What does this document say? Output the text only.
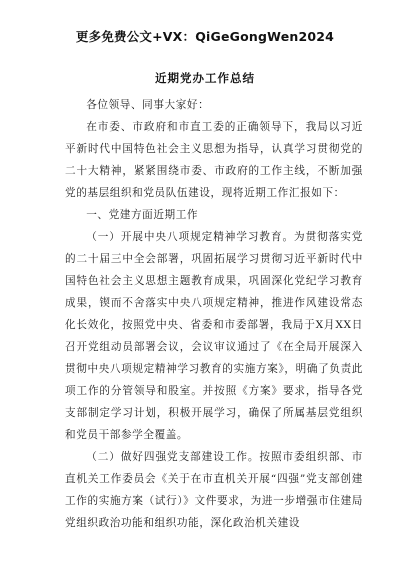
更多免费公文+VX：QiGeGongWen2024
近期党办工作总结

各位领导、同事大家好：

在市委、市政府和市直工委的正确领导下，我局以习近平新时代中国特色社会主义思想为指导，认真学习贯彻党的二十大精神，紧紧围绕市委、市政府的工作主线，不断加强党的基层组织和党员队伍建设，现将近期工作汇报如下：

一、党建方面近期工作

（一）开展中央八项规定精神学习教育。为贯彻落实党的二十届三中全会部署，巩固拓展学习贯彻习近平新时代中国特色社会主义思想主题教育成果，巩固深化党纪学习教育成果，锲而不舍落实中央八项规定精神，推进作风建设常态化长效化，按照党中央、省委和市委部署，我局于X月XX日召开党组动员部署会议，会议审议通过了《在全局开展深入贯彻中央八项规定精神学习教育的实施方案》，明确了负责此项工作的分管领导和股室。并按照《方案》要求，指导各党支部制定学习计划，积极开展学习，确保了所属基层党组织和党员干部参学全覆盖。

（二）做好四强党支部建设工作。按照市委组织部、市直机关工作委员会《关于在市直机关开展“四强”党支部创建工作的实施方案（试行）》文件要求，为进一步增强市住建局党组织政治功能和组织功能，深化政治机关建设
